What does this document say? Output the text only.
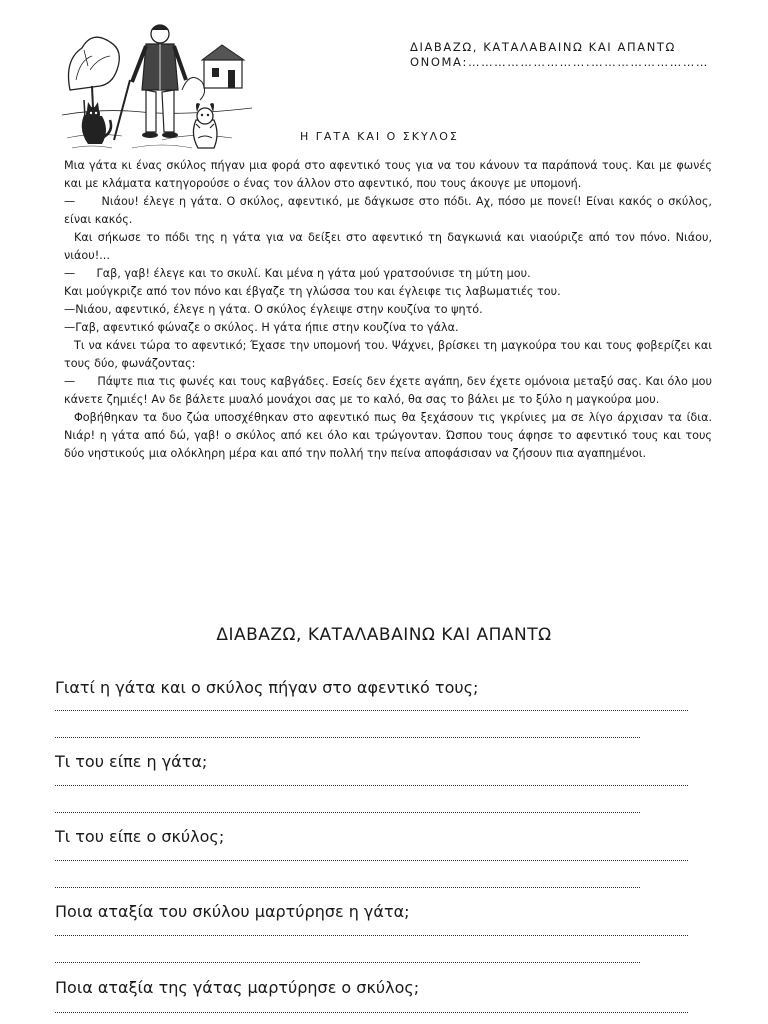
ΔΙΑΒΑΖΩ, ΚΑΤΑΛΑΒΑΙΝΩ ΚΑΙ ΑΠΑΝΤΩ
ΟΝΟΜΑ:……………………….………………………
Η ΓΑΤΑ ΚΑΙ Ο ΣΚΥΛΟΣ

Μια γάτα κι ένας σκύλος πήγαν μια φορά στο αφεντικό τους για να του κάνουν τα παράπονά τους. Και με φωνές και με κλάματα κατηγορούσε ο ένας τον άλλον στο αφεντικό, που τους άκουγε με υπομονή.

—      Νιάου! έλεγε η γάτα. Ο σκύλος, αφεντικό, με δάγκωσε στο πόδι. Αχ, πόσο με πονεί! Είναι κακός ο σκύλος, είναι κακός.

Και σήκωσε το πόδι της η γάτα για να δείξει στο αφεντικό τη δαγκωνιά και νιαούριζε από τον πόνο. Νιάου, νιάου!...

—      Γαβ, γαβ! έλεγε και το σκυλί. Και μένα η γάτα μού γρατσούνισε τη μύτη μου.

Και μούγκριζε από τον πόνο και έβγαζε τη γλώσσα του και έγλειφε τις λαβωματιές του.

—Νιάου, αφεντικό, έλεγε η γάτα. Ο σκύλος έγλειψε στην κουζίνα το ψητό.

—Γαβ, αφεντικό φώναζε ο σκύλος. Η γάτα ήπιε στην κουζίνα το γάλα.

Τι να κάνει τώρα το αφεντικό; Έχασε την υπομονή του. Ψάχνει, βρίσκει τη μαγκούρα του και τους φοβερίζει και τους δύο, φωνάζοντας:

—      Πάψτε πια τις φωνές και τους καβγάδες. Εσείς δεν έχετε αγάπη, δεν έχετε ομόνοια μεταξύ σας. Και όλο μου κάνετε ζημιές! Αν δε βάλετε μυαλό μονάχοι σας με το καλό, θα σας το βάλει με το ξύλο η μαγκούρα μου.

Φοβήθηκαν τα δυο ζώα υποσχέθηκαν στο αφεντικό πως θα ξεχάσουν τις γκρίνιες μα σε λίγο άρχισαν τα ίδια. Νιάρ! η γάτα από δώ, γαβ! ο σκύλος από κει όλο και τρώγονταν. Ώσπου τους άφησε το αφεντικό τους και τους δύο νηστικούς μια ολόκληρη μέρα και από την πολλή την πείνα αποφάσισαν να ζήσουν πια αγαπημένοι.

ΔΙΑΒΑΖΩ, ΚΑΤΑΛΑΒΑΙΝΩ ΚΑΙ ΑΠΑΝΤΩ
Γιατί η γάτα και ο σκύλος πήγαν στο αφεντικό τους;
Τι του είπε η γάτα;
Τι του είπε ο σκύλος;
Ποια αταξία του σκύλου μαρτύρησε η γάτα;
Ποια αταξία της γάτας μαρτύρησε ο σκύλος;
